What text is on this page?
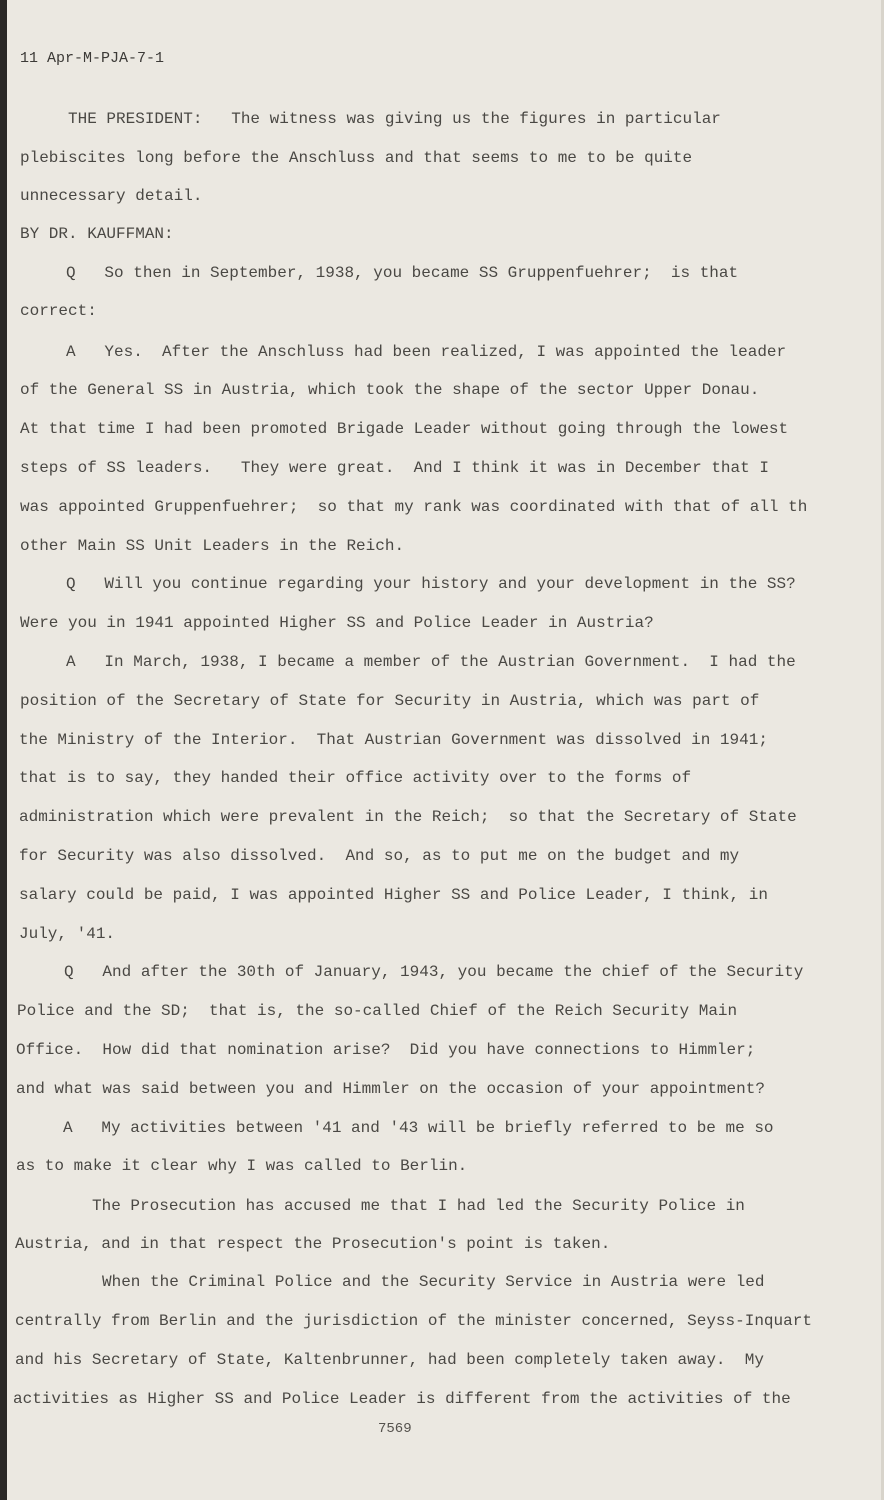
11 Apr-M-PJA-7-1
THE PRESIDENT:   The witness was giving us the figures in particular
plebiscites long before the Anschluss and that seems to me to be quite
unnecessary detail.
BY DR. KAUFFMAN:
Q   So then in September, 1938, you became SS Gruppenfuehrer;  is that
correct:
A   Yes.  After the Anschluss had been realized, I was appointed the leader
of the General SS in Austria, which took the shape of the sector Upper Donau.
At that time I had been promoted Brigade Leader without going through the lowest
steps of SS leaders.   They were great.  And I think it was in December that I
was appointed Gruppenfuehrer;  so that my rank was coordinated with that of all th
other Main SS Unit Leaders in the Reich.
Q   Will you continue regarding your history and your development in the SS?
Were you in 1941 appointed Higher SS and Police Leader in Austria?
A   In March, 1938, I became a member of the Austrian Government.  I had the
position of the Secretary of State for Security in Austria, which was part of
the Ministry of the Interior.  That Austrian Government was dissolved in 1941;
that is to say, they handed their office activity over to the forms of
administration which were prevalent in the Reich;  so that the Secretary of State
for Security was also dissolved.  And so, as to put me on the budget and my
salary could be paid, I was appointed Higher SS and Police Leader, I think, in
July, '41.
Q   And after the 30th of January, 1943, you became the chief of the Security
Police and the SD;  that is, the so-called Chief of the Reich Security Main
Office.  How did that nomination arise?  Did you have connections to Himmler;
and what was said between you and Himmler on the occasion of your appointment?
A   My activities between '41 and '43 will be briefly referred to be me so
as to make it clear why I was called to Berlin.
The Prosecution has accused me that I had led the Security Police in
Austria, and in that respect the Prosecution's point is taken.
When the Criminal Police and the Security Service in Austria were led
centrally from Berlin and the jurisdiction of the minister concerned, Seyss-Inquart
and his Secretary of State, Kaltenbrunner, had been completely taken away.  My
activities as Higher SS and Police Leader is different from the activities of the
7569
